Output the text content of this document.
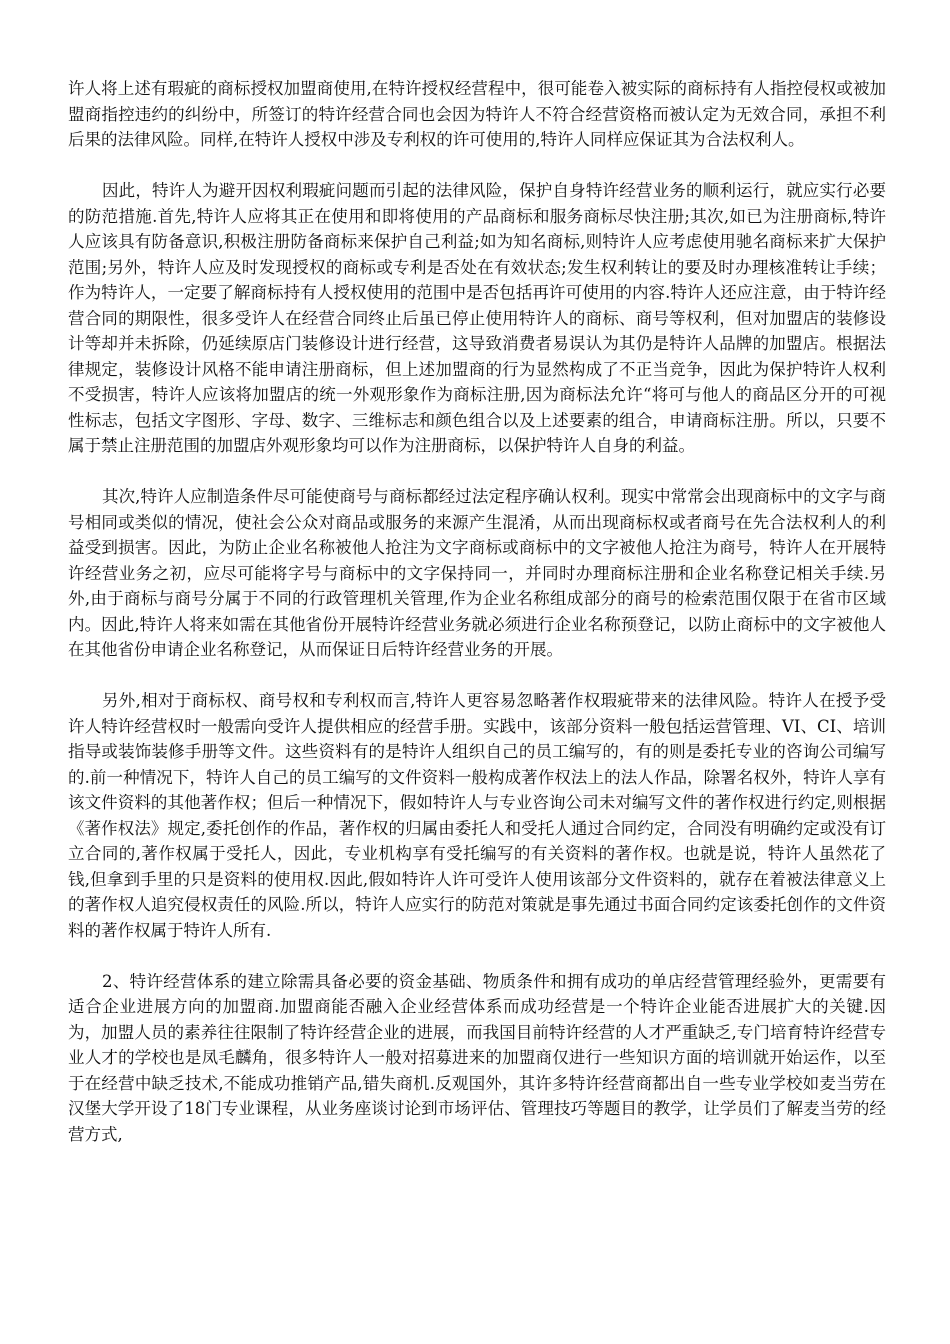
许人将上述有瑕疵的商标授权加盟商使用,在特许授权经营程中，很可能卷入被实际的商标持有人指控侵权或被加盟商指控违约的纠纷中，所签订的特许经营合同也会因为特许人不符合经营资格而被认定为无效合同，承担不利后果的法律风险。同样,在特许人授权中涉及专利权的许可使用的,特许人同样应保证其为合法权利人。

因此，特许人为避开因权利瑕疵问题而引起的法律风险，保护自身特许经营业务的顺利运行，就应实行必要的防范措施.首先,特许人应将其正在使用和即将使用的产品商标和服务商标尽快注册;其次,如已为注册商标,特许人应该具有防备意识,积极注册防备商标来保护自己利益;如为知名商标,则特许人应考虑使用驰名商标来扩大保护范围;另外，特许人应及时发现授权的商标或专利是否处在有效状态;发生权利转让的要及时办理核准转让手续；作为特许人，一定要了解商标持有人授权使用的范围中是否包括再许可使用的内容.特许人还应注意，由于特许经营合同的期限性，很多受许人在经营合同终止后虽已停止使用特许人的商标、商号等权利，但对加盟店的装修设计等却并未拆除，仍延续原店门装修设计进行经营，这导致消费者易误认为其仍是特许人品牌的加盟店。根据法律规定，装修设计风格不能申请注册商标，但上述加盟商的行为显然构成了不正当竞争，因此为保护特许人权利不受损害，特许人应该将加盟店的统一外观形象作为商标注册,因为商标法允许“将可与他人的商品区分开的可视性标志，包括文字图形、字母、数字、三维标志和颜色组合以及上述要素的组合，申请商标注册。所以，只要不属于禁止注册范围的加盟店外观形象均可以作为注册商标，以保护特许人自身的利益。

其次,特许人应制造条件尽可能使商号与商标都经过法定程序确认权利。现实中常常会出现商标中的文字与商号相同或类似的情况，使社会公众对商品或服务的来源产生混淆，从而出现商标权或者商号在先合法权利人的利益受到损害。因此，为防止企业名称被他人抢注为文字商标或商标中的文字被他人抢注为商号，特许人在开展特许经营业务之初，应尽可能将字号与商标中的文字保持同一，并同时办理商标注册和企业名称登记相关手续.另外,由于商标与商号分属于不同的行政管理机关管理,作为企业名称组成部分的商号的检索范围仅限于在省市区域内。因此,特许人将来如需在其他省份开展特许经营业务就必须进行企业名称预登记，以防止商标中的文字被他人在其他省份申请企业名称登记，从而保证日后特许经营业务的开展。

另外,相对于商标权、商号权和专利权而言,特许人更容易忽略著作权瑕疵带来的法律风险。特许人在授予受许人特许经营权时一般需向受许人提供相应的经营手册。实践中，该部分资料一般包括运营管理、VI、CI、培训指导或装饰装修手册等文件。这些资料有的是特许人组织自己的员工编写的，有的则是委托专业的咨询公司编写的.前一种情况下，特许人自己的员工编写的文件资料一般构成著作权法上的法人作品，除署名权外，特许人享有该文件资料的其他著作权；但后一种情况下，假如特许人与专业咨询公司未对编写文件的著作权进行约定,则根据《著作权法》规定,委托创作的作品，著作权的归属由委托人和受托人通过合同约定，合同没有明确约定或没有订立合同的,著作权属于受托人，因此，专业机构享有受托编写的有关资料的著作权。也就是说，特许人虽然花了钱,但拿到手里的只是资料的使用权.因此,假如特许人许可受许人使用该部分文件资料的，就存在着被法律意义上的著作权人追究侵权责任的风险.所以，特许人应实行的防范对策就是事先通过书面合同约定该委托创作的文件资料的著作权属于特许人所有.

2、特许经营体系的建立除需具备必要的资金基础、物质条件和拥有成功的单店经营管理经验外，更需要有适合企业进展方向的加盟商.加盟商能否融入企业经营体系而成功经营是一个特许企业能否进展扩大的关键.因为，加盟人员的素养往往限制了特许经营企业的进展，而我国目前特许经营的人才严重缺乏,专门培育特许经营专业人才的学校也是凤毛麟角，很多特许人一般对招募进来的加盟商仅进行一些知识方面的培训就开始运作，以至于在经营中缺乏技术,不能成功推销产品,错失商机.反观国外，其许多特许经营商都出自一些专业学校如麦当劳在汉堡大学开设了18门专业课程，从业务座谈讨论到市场评估、管理技巧等题目的教学，让学员们了解麦当劳的经营方式,
